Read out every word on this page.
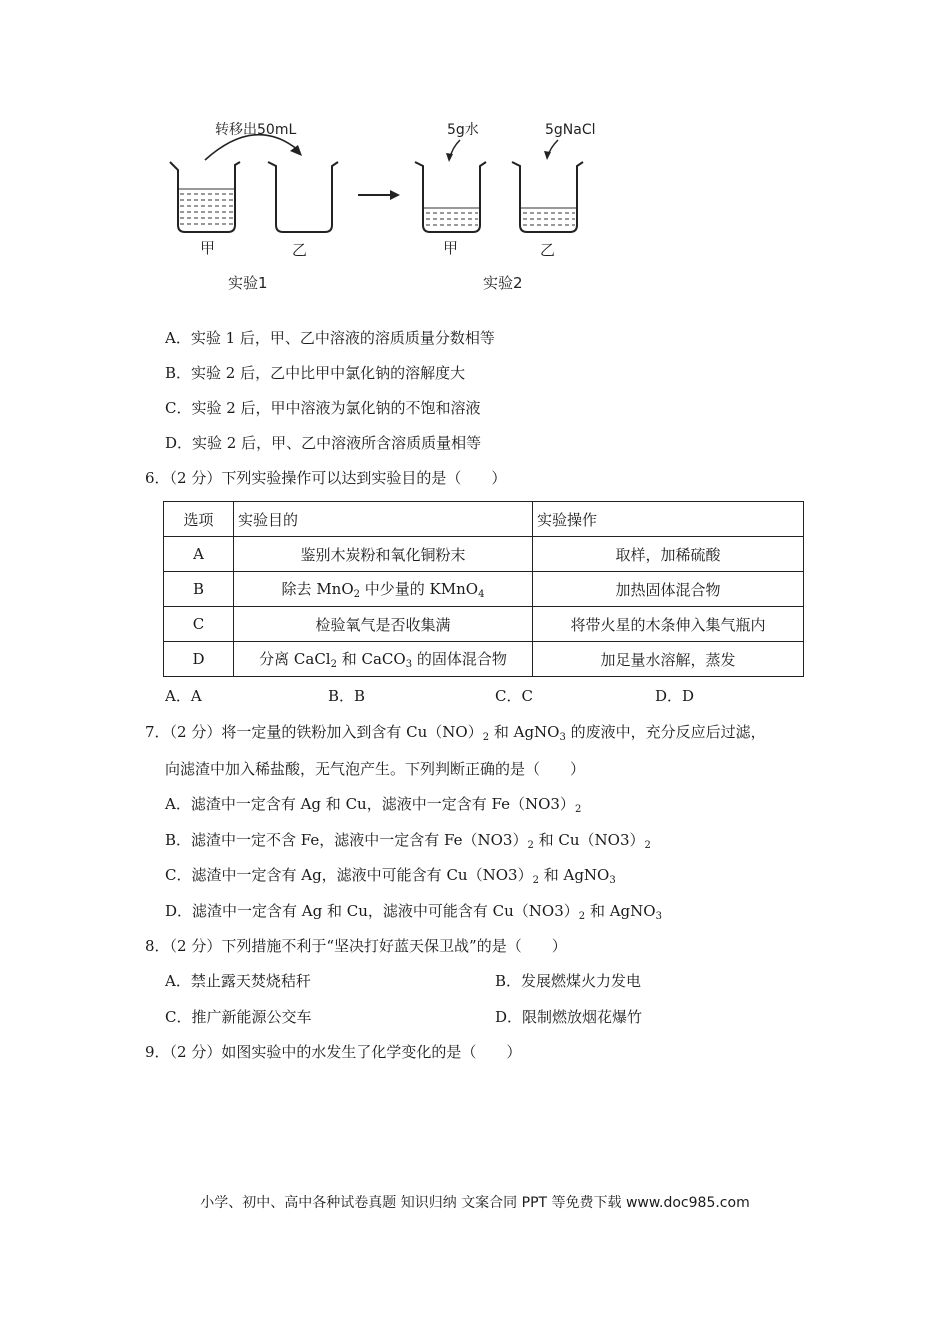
转移出50mL	5g水	5gNaCl
甲	乙	甲	乙
实验1	实验2
A．实验 1 后，甲、乙中溶液的溶质质量分数相等
B．实验 2 后，乙中比甲中氯化钠的溶解度大
C．实验 2 后，甲中溶液为氯化钠的不饱和溶液
D．实验 2 后，甲、乙中溶液所含溶质质量相等
6．（2 分）下列实验操作可以达到实验目的是（　　）
选项	实验目的	实验操作
A	鉴别木炭粉和氧化铜粉末	取样，加稀硫酸
B	除去 MnO$_2$ 中少量的 KMnO$_4$	加热固体混合物
C	检验氧气是否收集满	将带火星的木条伸入集气瓶内
D	分离 CaCl$_2$ 和 CaCO$_3$ 的固体混合物	加足量水溶解，蒸发
A．A	B．B	C．C	D．D
7．（2 分）将一定量的铁粉加入到含有 $Cu(NO)_2$ 和 AgNO$_3$ 的废液中，充分反应后过滤，
向滤渣中加入稀盐酸，无气泡产生。下列判断正确的是（　　）
A．滤渣中一定含有 Ag 和 Cu，滤液中一定含有 $Fe(NO3)_2$
B．滤渣中一定不含 Fe，滤液中一定含有 $Fe(NO3)_2$ 和 $Cu(NO3)_2$
C．滤渣中一定含有 Ag，滤液中可能含有 $Cu(NO3)_2$ 和 AgNO$_3$
D．滤渣中一定含有 Ag 和 Cu，滤液中可能含有 $Cu(NO3)_2$ 和 AgNO$_3$
8．（2 分）下列措施不利于“坚决打好蓝天保卫战”的是（　　）
A．禁止露天焚烧秸秆	B．发展燃煤火力发电
C．推广新能源公交车	D．限制燃放烟花爆竹
9．（2 分）如图实验中的水发生了化学变化的是（　　）
小学、初中、高中各种试卷真题 知识归纳 文案合同 PPT 等免费下载 www.doc985.com
